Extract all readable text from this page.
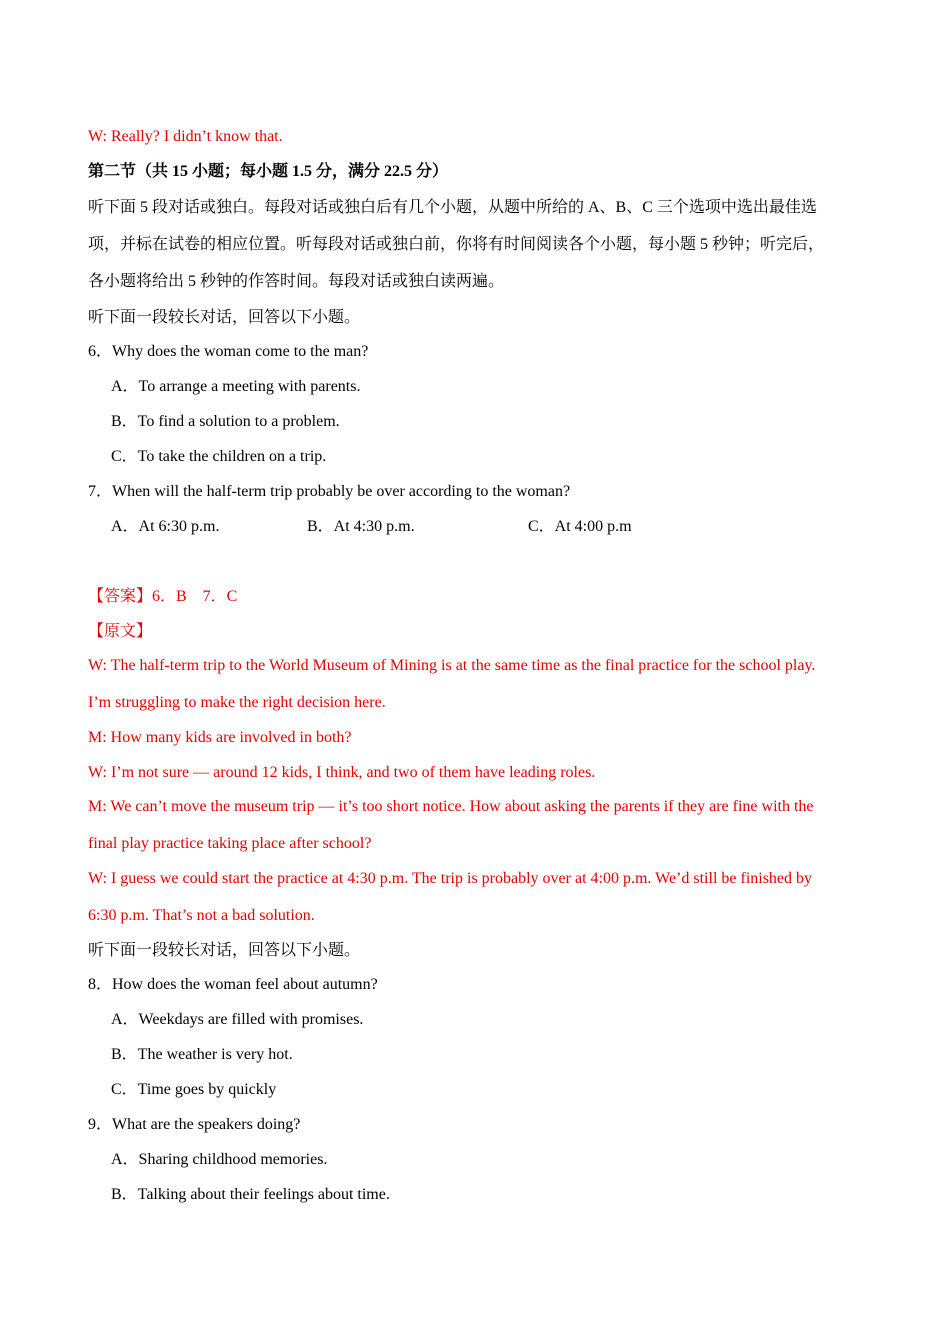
W: Really? I didn’t know that.
第二节（共 15 小题；每小题 1.5 分，满分 22.5 分）
听下面 5 段对话或独白。每段对话或独白后有几个小题，从题中所给的 A、B、C 三个选项中选出最佳选
项，并标在试卷的相应位置。听每段对话或独白前，你将有时间阅读各个小题，每小题 5 秒钟；听完后，
各小题将给出 5 秒钟的作答时间。每段对话或独白读两遍。
听下面一段较长对话，回答以下小题。
6．Why does the woman come to the man?
A．To arrange a meeting with parents.
B．To find a solution to a problem.
C．To take the children on a trip.
7．When will the half-term trip probably be over according to the woman?
A．At 6:30 p.m.	B．At 4:30 p.m.	C．At 4:00 p.m
【答案】6．B　7．C
【原文】
W: The half-term trip to the World Museum of Mining is at the same time as the final practice for the school play.
I’m struggling to make the right decision here.
M: How many kids are involved in both?
W: I’m not sure — around 12 kids, I think, and two of them have leading roles.
M: We can’t move the museum trip — it’s too short notice. How about asking the parents if they are fine with the
final play practice taking place after school?
W: I guess we could start the practice at 4:30 p.m. The trip is probably over at 4:00 p.m. We’d still be finished by
6:30 p.m. That’s not a bad solution.
听下面一段较长对话，回答以下小题。
8．How does the woman feel about autumn?
A．Weekdays are filled with promises.
B．The weather is very hot.
C．Time goes by quickly
9．What are the speakers doing?
A．Sharing childhood memories.
B．Talking about their feelings about time.
